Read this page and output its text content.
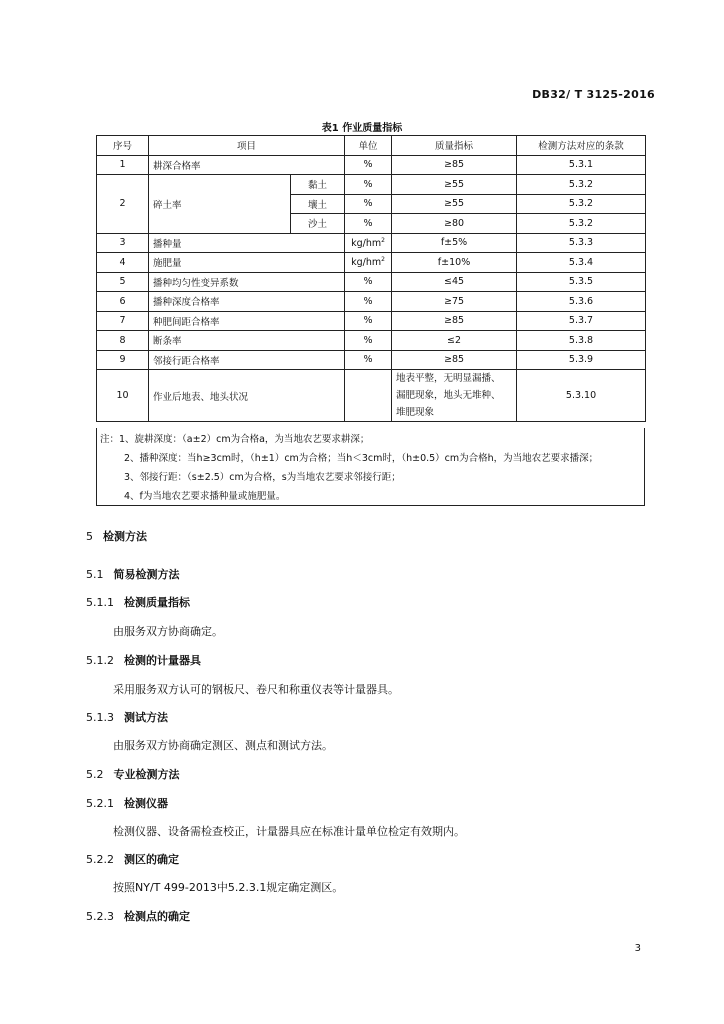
DB32/ T 3125-2016
表1 作业质量指标
序号	项目		单位	质量指标	检测方法对应的条款
1	耕深合格率		%	≥85	5.3.1
2	碎土率	黏土	%	≥55	5.3.2
		壤土	%	≥55	5.3.2
		沙土	%	≥80	5.3.2
3	播种量		$kg/hm^2$	f±5%	5.3.3
4	施肥量		$kg/hm^2$	f±10%	5.3.4
5	播种均匀性变异系数		%	≤45	5.3.5
6	播种深度合格率		%	≥75	5.3.6
7	种肥间距合格率		%	≥85	5.3.7
8	断条率		%	≤2	5.3.8
9	邻接行距合格率		%	≥85	5.3.9
10	作业后地表、地头状况			地表平整，无明显漏播、
漏肥现象，地头无堆种、
堆肥现象	5.3.10
注：1、旋耕深度：（a±2）cm为合格a，为当地农艺要求耕深；
2、播种深度：当h≥3cm时，（h±1）cm为合格；当h＜3cm时，（h±0.5）cm为合格h，为当地农艺要求播深；
3、邻接行距：（s±2.5）cm为合格，s为当地农艺要求邻接行距；
4、f为当地农艺要求播种量或施肥量。
5 检测方法
5.1 简易检测方法
5.1.1 检测质量指标
由服务双方协商确定。
5.1.2 检测的计量器具
采用服务双方认可的钢板尺、卷尺和称重仪表等计量器具。
5.1.3 测试方法
由服务双方协商确定测区、测点和测试方法。
5.2 专业检测方法
5.2.1 检测仪器
检测仪器、设备需检查校正，计量器具应在标准计量单位检定有效期内。
5.2.2 测区的确定
按照NY/T 499-2013中5.2.3.1规定确定测区。
5.2.3 检测点的确定
3
